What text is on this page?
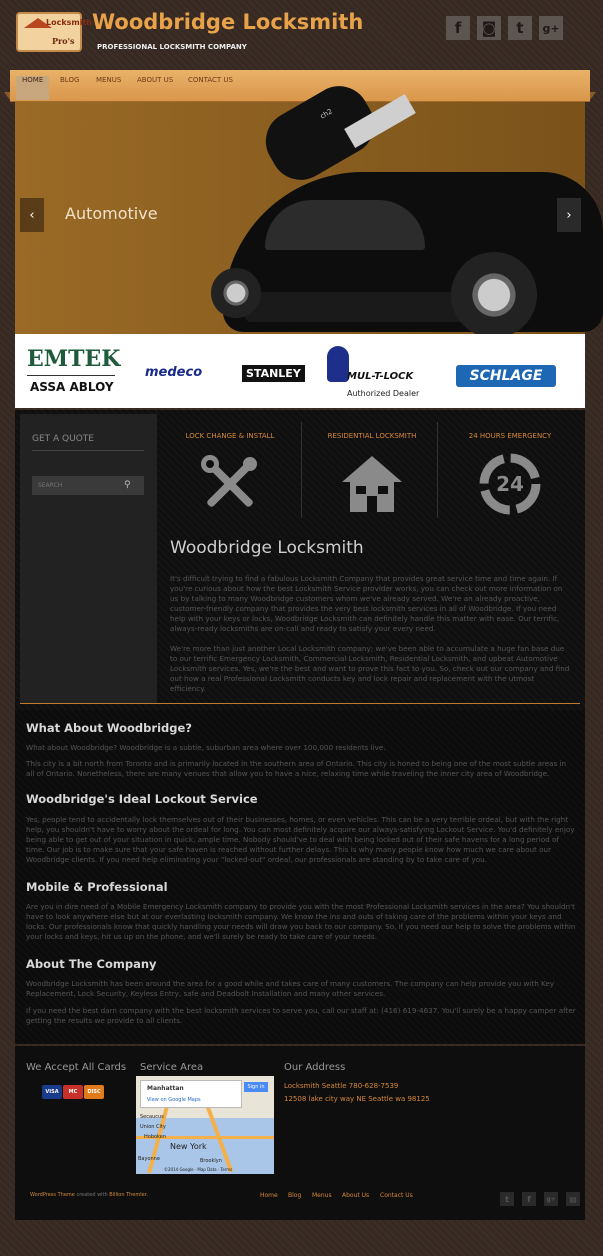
Locksmith
Pro's
Woodbridge Locksmith
PROFESSIONAL LOCKSMITH COMPANY
f	◙	t	g+
HOME	BLOG	MENUS	ABOUT US	CONTACT US
ch2
‹	›
Automotive
EMTEK
ASSA ABLOY
medeco	STANLEY	MUL-T-LOCK
Authorized Dealer
SCHLAGE
GET A QUOTE
SEARCH
⚲
LOCK CHANGE & INSTALL	RESIDENTIAL LOCKSMITH	24 HOURS EMERGENCY
24
Woodbridge Locksmith
It's difficult trying to find a fabulous Locksmith Company that provides great service time and time again. If you're curious about how the best Locksmith Service provider works, you can check out more information on us by talking to many Woodbridge customers whom we've already served. We're an already proactive, customer-friendly company that provides the very best locksmith services in all of Woodbridge. If you need help with your keys or locks, Woodbridge Locksmith can definitely handle this matter with ease. Our terrific, always-ready locksmiths are on-call and ready to satisfy your every need.
We're more than just another Local Locksmith company; we've been able to accumulate a huge fan base due to our terrific Emergency Locksmith, Commercial Locksmith, Residential Locksmith, and upbeat Automotive Locksmith services. Yes, we're the best and want to prove this fact to you. So, check out our company and find out how a real Professional Locksmith conducts key and lock repair and replacement with the utmost efficiency.
What About Woodbridge?
What about Woodbridge? Woodbridge is a subtle, suburban area where over 100,000 residents live.
This city is a bit north from Toronto and is primarily located in the southern area of Ontario. This city is honed to being one of the most subtle areas in all of Ontario. Nonetheless, there are many venues that allow you to have a nice, relaxing time while traveling the inner city area of Woodbridge.
Woodbridge's Ideal Lockout Service
Yes, people tend to accidentally lock themselves out of their businesses, homes, or even vehicles. This can be a very terrible ordeal, but with the right help, you shouldn't have to worry about the ordeal for long. You can most definitely acquire our always-satisfying Lockout Service. You'd definitely enjoy being able to get out of your situation in quick, ample time. Nobody should've to deal with being locked out of their safe havens for a long period of time. Our job is to make sure that your safe haven is reached without further delays. This is why many people know how much we care about our Woodbridge clients. If you need help eliminating your "locked-out" ordeal, our professionals are standing by to take care of you.
Mobile & Professional
Are you in dire need of a Mobile Emergency Locksmith company to provide you with the most Professional Locksmith services in the area? You shouldn't have to look anywhere else but at our everlasting locksmith company. We know the ins and outs of taking care of the problems within your keys and locks. Our professionals know that quickly handling your needs will draw you back to our company. So, if you need our help to solve the problems within your locks and keys, hit us up on the phone, and we'll surely be ready to take care of your needs.
About The Company
Woodbridge Locksmith has been around the area for a good while and takes care of many customers. The company can help provide you with Key Replacement, Lock Security, Keyless Entry, safe and Deadbolt Installation and many other services.
If you need the best darn company with the best locksmith services to serve you, call our staff at: (416) 619-4637. You'll surely be a happy camper after getting the results we provide to all clients.
We Accept All Cards
VISA	MC	DISC
Service Area
Manhattan
View on Google Maps
Sign in
Secaucus
Union City
Hoboken
New York
Bayonne	Brooklyn
©2014 Google · Map Data · Terms
Our Address
Locksmith Seattle 780-628-7539
12508 lake city way NE Seattle wa 98125
WordPress Theme created with Billion Themler.	Home Blog Menus About Us Contact Us	t	f	g+	▤
